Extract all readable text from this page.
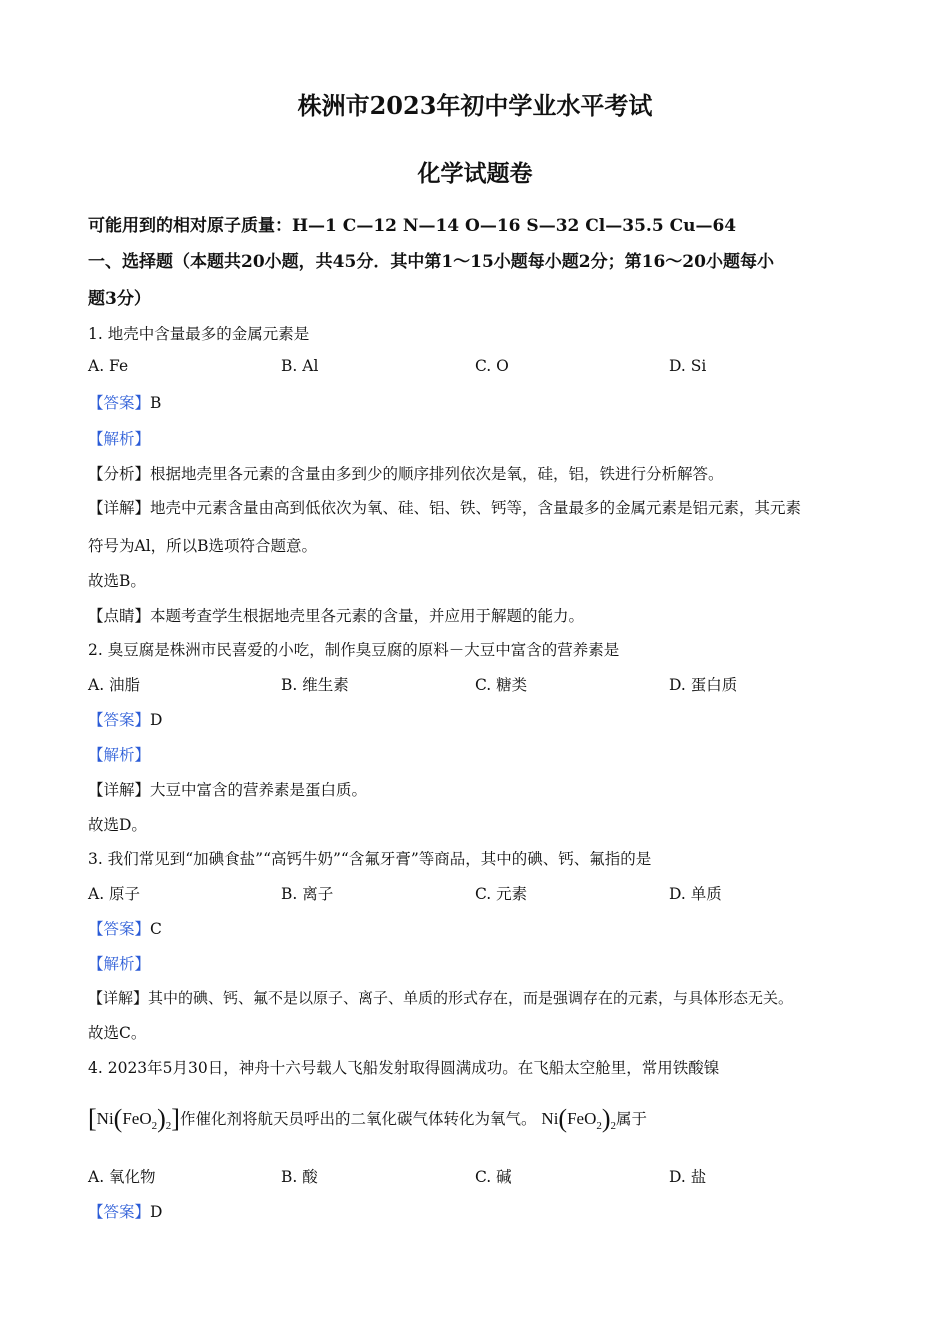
株洲市2023年初中学业水平考试
化学试题卷
可能用到的相对原子质量：H—1 C—12 N—14 O—16 S—32 Cl—35.5 Cu—64
一、选择题（本题共20小题，共45分．其中第1～15小题每小题2分；第16～20小题每小
题3分）
1. 地壳中含量最多的金属元素是
A. Fe	B. Al	C. O	D. Si
【答案】B
【解析】
【分析】根据地壳里各元素的含量由多到少的顺序排列依次是氧，硅，铝，铁进行分析解答。
【详解】地壳中元素含量由高到低依次为氧、硅、铝、铁、钙等，含量最多的金属元素是铝元素，其元素
符号为Al，所以B选项符合题意。
故选B。
【点睛】本题考查学生根据地壳里各元素的含量，并应用于解题的能力。
2. 臭豆腐是株洲市民喜爱的小吃，制作臭豆腐的原料－大豆中富含的营养素是
A. 油脂	B. 维生素	C. 糖类	D. 蛋白质
【答案】D
【解析】
【详解】大豆中富含的营养素是蛋白质。
故选D。
3. 我们常见到“加碘食盐”“高钙牛奶”“含氟牙膏”等商品，其中的碘、钙、氟指的是
A. 原子	B. 离子	C. 元素	D. 单质
【答案】C
【解析】
【详解】其中的碘、钙、氟不是以原子、离子、单质的形式存在，而是强调存在的元素，与具体形态无关。
故选C。
4. 2023年5月30日，神舟十六号载人飞船发射取得圆满成功。在飞船太空舱里，常用铁酸镍
$[Ni(FeO_2)_2]$作催化剂将航天员呼出的二氧化碳气体转化为氧气。 $Ni(FeO_2)_2$属于
A. 氧化物	B. 酸	C. 碱	D. 盐
【答案】D
